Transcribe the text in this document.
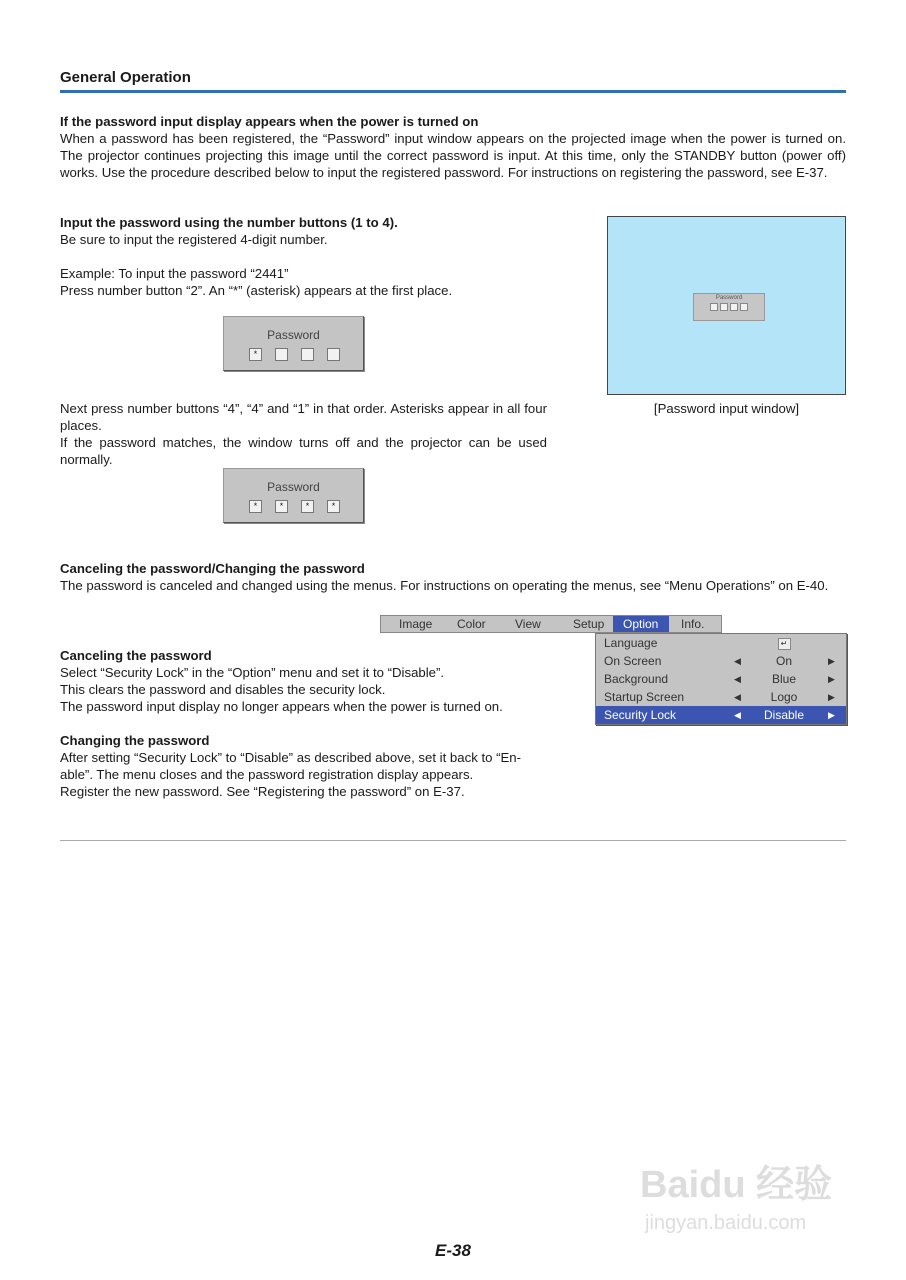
General Operation
If the password input display appears when the power is turned on
When a password has been registered, the “Password” input window appears on the projected image when the power is turned on. The projector continues projecting this image until the correct password is input. At this time, only the STANDBY button (power off) works. Use the procedure described below to input the registered password. For instructions on registering the password, see E-37.
Input the password using the number buttons (1 to 4).
Be sure to input the registered 4-digit number.
Example: To input the password “2441”
Press number button “2”. An “*” (asterisk) appears at the first place.
Password
*
Next press number buttons “4”, “4” and “1” in that order. Asterisks appear in all four places.
If the password matches, the window turns off and the projector can be used normally.
Password
* * * *
Password
[Password input window]
Canceling the password/Changing the password
The password is canceled and changed using the menus. For instructions on operating the menus, see “Menu Operations” on E-40.
Image	Color	View	Setup	Option	Info.
Language	↵
On Screen	◀	On	▶
Background	◀	Blue	▶
Startup Screen	◀	Logo	▶
Security Lock	◀	Disable	▶
Canceling the password
Select “Security Lock” in the “Option” menu and set it to “Disable”.
This clears the password and disables the security lock.
The password input display no longer appears when the power is turned on.
Changing the password
After setting “Security Lock” to “Disable” as described above, set it back to “En-
able”. The menu closes and the password registration display appears.
Register the new password. See “Registering the password” on E-37.
Baidu 经验
jingyan.baidu.com
E-38
